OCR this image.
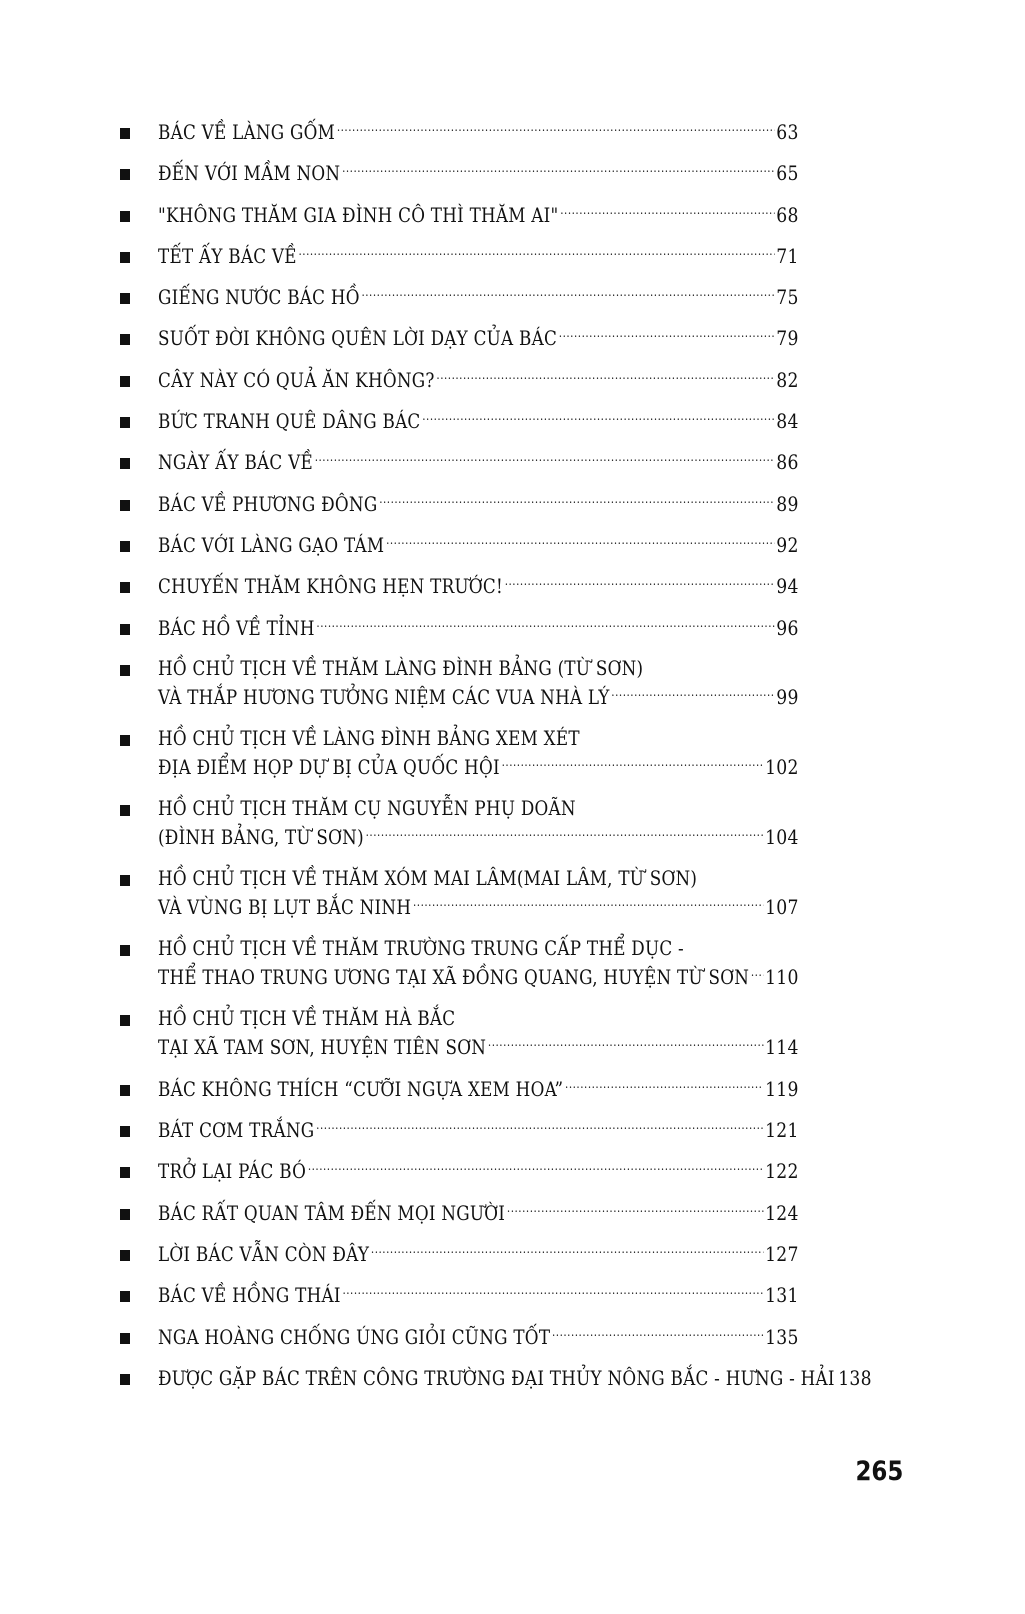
BÁC VỀ LÀNG GỐM .....	63
ĐẾN VỚI MẦM NON .....	65
"KHÔNG THĂM GIA ĐÌNH CÔ THÌ THĂM AI" .....	68
TẾT ẤY BÁC VỀ .....	71
GIẾNG NƯỚC BÁC HỒ .....	75
SUỐT ĐỜI KHÔNG QUÊN LỜI DẠY CỦA BÁC .....	79
CÂY NÀY CÓ QUẢ ĂN KHÔNG? .....	82
BỨC TRANH QUÊ DÂNG BÁC .....	84
NGÀY ẤY BÁC VỀ .....	86
BÁC VỀ PHƯƠNG ĐÔNG .....	89
BÁC VỚI LÀNG GẠO TÁM .....	92
CHUYẾN THĂM KHÔNG HẸN TRƯỚC! .....	94
BÁC HỒ VỀ TỈNH .....	96
HỒ CHỦ TỊCH VỀ THĂM LÀNG ĐÌNH BẢNG (TỪ SƠN)
VÀ THẮP HƯƠNG TƯỞNG NIỆM CÁC VUA NHÀ LÝ .....	99
HỒ CHỦ TỊCH VỀ LÀNG ĐÌNH BẢNG XEM XÉT
ĐỊA ĐIỂM HỌP DỰ BỊ CỦA QUỐC HỘI .....	102
HỒ CHỦ TỊCH THĂM CỤ NGUYỄN PHỤ DOÃN
(ĐÌNH BẢNG, TỪ SƠN) .....	104
HỒ CHỦ TỊCH VỀ THĂM XÓM MAI LÂM(MAI LÂM, TỪ SƠN)
VÀ VÙNG BỊ LỤT BẮC NINH .....	107
HỒ CHỦ TỊCH VỀ THĂM TRƯỜNG TRUNG CẤP THỂ DỤC -
THỂ THAO TRUNG ƯƠNG TẠI XÃ ĐỒNG QUANG, HUYỆN TỪ SƠN ..... 110
HỒ CHỦ TỊCH VỀ THĂM HÀ BẮC
TẠI XÃ TAM SƠN, HUYỆN TIÊN SƠN .....	114
BÁC KHÔNG THÍCH “CƯỠI NGỰA XEM HOA” .....	119
BÁT CƠM TRẮNG .....	121
TRỞ LẠI PÁC BÓ .....	122
BÁC RẤT QUAN TÂM ĐẾN MỌI NGƯỜI .....	124
LỜI BÁC VẪN CÒN ĐÂY .....	127
BÁC VỀ HỒNG THÁI .....	131
NGA HOÀNG CHỐNG ÚNG GIỎI CŨNG TỐT .....	135
ĐƯỢC GẶP BÁC TRÊN CÔNG TRƯỜNG ĐẠI THỦY NÔNG BẮC - HƯNG - HẢI 138
265
